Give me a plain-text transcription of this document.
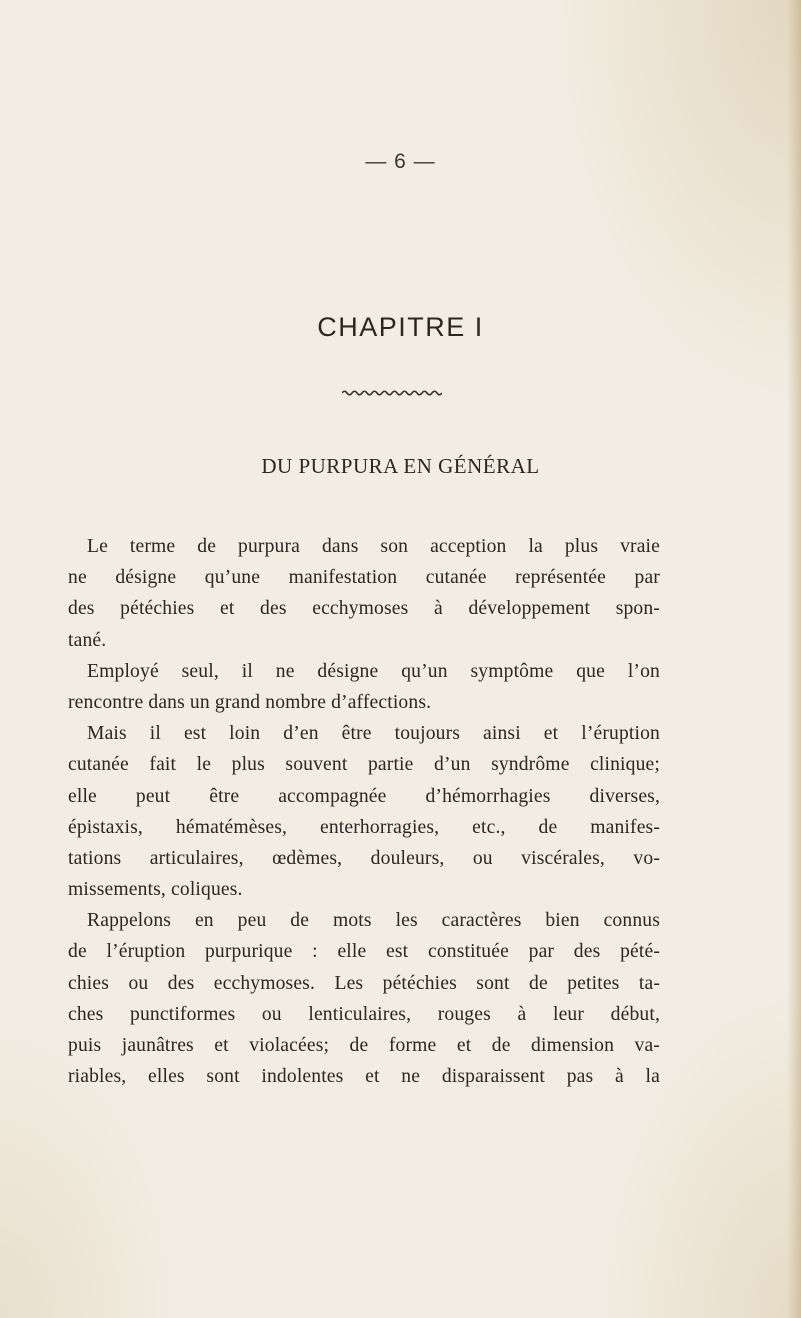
— 6 —
CHAPITRE I
DU PURPURA EN GÉNÉRAL
Le terme de purpura dans son acception la plus vraie
ne désigne qu’une manifestation cutanée représentée par
des pétéchies et des ecchymoses à développement spon-
tané.
Employé seul, il ne désigne qu’un symptôme que l’on
rencontre dans un grand nombre d’affections.
Mais il est loin d’en être toujours ainsi et l’éruption
cutanée fait le plus souvent partie d’un syndrôme clinique;
elle peut être accompagnée d’hémorrhagies diverses,
épistaxis, hématémèses, enterhorragies, etc., de manifes-
tations articulaires, œdèmes, douleurs, ou viscérales, vo-
missements, coliques.
Rappelons en peu de mots les caractères bien connus
de l’éruption purpurique : elle est constituée par des pété-
chies ou des ecchymoses. Les pétéchies sont de petites ta-
ches punctiformes ou lenticulaires, rouges à leur début,
puis jaunâtres et violacées; de forme et de dimension va-
riables, elles sont indolentes et ne disparaissent pas à la
